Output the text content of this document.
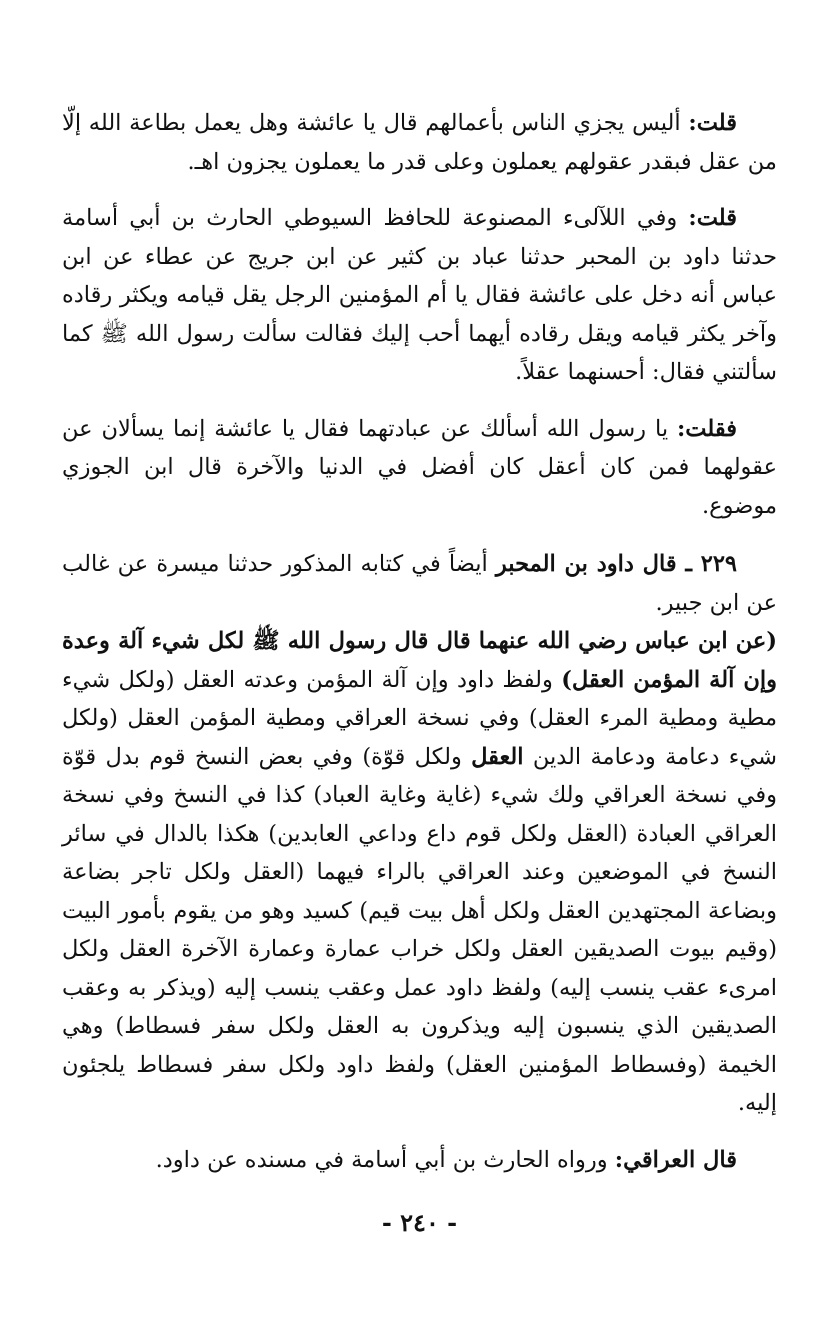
قلت: أليس يجزي الناس بأعمالهم قال يا عائشة وهل يعمل بطاعة الله إلّا من عقل فبقدر عقولهم يعملون وعلى قدر ما يعملون يجزون اهـ.

قلت: وفي اللآلىء المصنوعة للحافظ السيوطي الحارث بن أبي أسامة حدثنا داود بن المحبر حدثنا عباد بن كثير عن ابن جريج عن عطاء عن ابن عباس أنه دخل على عائشة فقال يا أم المؤمنين الرجل يقل قيامه ويكثر رقاده وآخر يكثر قيامه ويقل رقاده أيهما أحب إليك فقالت سألت رسول الله ﷺ كما سألتني فقال: أحسنهما عقلاً.

فقلت: يا رسول الله أسألك عن عبادتهما فقال يا عائشة إنما يسألان عن عقولهما فمن كان أعقل كان أفضل في الدنيا والآخرة قال ابن الجوزي موضوع.

٢٢٩ ـ قال داود بن المحبر أيضاً في كتابه المذكور حدثنا ميسرة عن غالب عن ابن جبير.

(عن ابن عباس رضي الله عنهما قال قال رسول الله ﷺ لكل شيء آلة وعدة وإن آلة المؤمن العقل) ولفظ داود وإن آلة المؤمن وعدته العقل (ولكل شيء مطية ومطية المرء العقل) وفي نسخة العراقي ومطية المؤمن العقل (ولكل شيء دعامة ودعامة الدين العقل ولكل قوّة) وفي بعض النسخ قوم بدل قوّة وفي نسخة العراقي ولك شيء (غاية وغاية العباد) كذا في النسخ وفي نسخة العراقي العبادة (العقل ولكل قوم داع وداعي العابدين) هكذا بالدال في سائر النسخ في الموضعين وعند العراقي بالراء فيهما (العقل ولكل تاجر بضاعة وبضاعة المجتهدين العقل ولكل أهل بيت قيم) كسيد وهو من يقوم بأمور البيت (وقيم بيوت الصديقين العقل ولكل خراب عمارة وعمارة الآخرة العقل ولكل امرىء عقب ينسب إليه) ولفظ داود عمل وعقب ينسب إليه (ويذكر به وعقب الصديقين الذي ينسبون إليه ويذكرون به العقل ولكل سفر فسطاط) وهي الخيمة (وفسطاط المؤمنين العقل) ولفظ داود ولكل سفر فسطاط يلجئون إليه.

قال العراقي: ورواه الحارث بن أبي أسامة في مسنده عن داود.

- ٢٤٠ -
